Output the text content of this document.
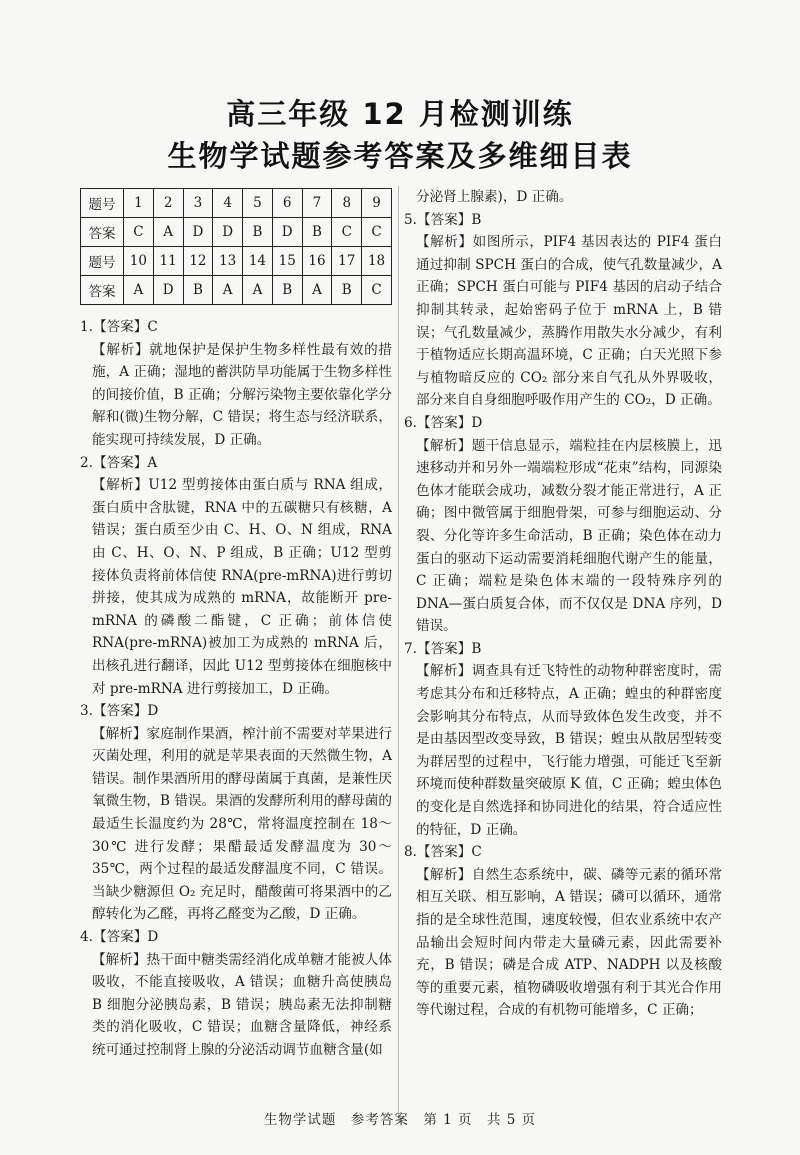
高三年级 12 月检测训练
生物学试题参考答案及多维细目表
题号	1	2	3	4	5	6	7	8	9
答案	C	A	D	D	B	D	B	C	C
题号	10	11	12	13	14	15	16	17	18
答案	A	D	B	A	A	B	A	B	C

1.【答案】C

【解析】就地保护是保护生物多样性最有效的措施，A 正确；湿地的蓄洪防旱功能属于生物多样性的间接价值，B 正确；分解污染物主要依靠化学分解和(微)生物分解，C 错误；将生态与经济联系，能实现可持续发展，D 正确。

2.【答案】A

【解析】U12 型剪接体由蛋白质与 RNA 组成，蛋白质中含肽键，RNA 中的五碳糖只有核糖，A 错误；蛋白质至少由 C、H、O、N 组成，RNA 由 C、H、O、N、P 组成，B 正确；U12 型剪接体负责将前体信使 RNA(pre-mRNA)进行剪切拼接，使其成为成熟的 mRNA，故能断开 pre-mRNA 的磷酸二酯键，C 正确；前体信使 RNA(pre-mRNA)被加工为成熟的 mRNA 后，出核孔进行翻译，因此 U12 型剪接体在细胞核中对 pre-mRNA 进行剪接加工，D 正确。

3.【答案】D

【解析】家庭制作果酒，榨汁前不需要对苹果进行灭菌处理，利用的就是苹果表面的天然微生物，A 错误。制作果酒所用的酵母菌属于真菌，是兼性厌氧微生物，B 错误。果酒的发酵所利用的酵母菌的最适生长温度约为 28℃，常将温度控制在 18～30℃ 进行发酵；果醋最适发酵温度为 30～35℃，两个过程的最适发酵温度不同，C 错误。当缺少糖源但 O₂ 充足时，醋酸菌可将果酒中的乙醇转化为乙醛，再将乙醛变为乙酸，D 正确。

4.【答案】D

【解析】热干面中糖类需经消化成单糖才能被人体吸收，不能直接吸收，A 错误；血糖升高使胰岛 B 细胞分泌胰岛素，B 错误；胰岛素无法抑制糖类的消化吸收，C 错误；血糖含量降低，神经系统可通过控制肾上腺的分泌活动调节血糖含量(如

分泌肾上腺素)，D 正确。

5.【答案】B

【解析】如图所示，PIF4 基因表达的 PIF4 蛋白通过抑制 SPCH 蛋白的合成，使气孔数量减少，A 正确；SPCH 蛋白可能与 PIF4 基因的启动子结合抑制其转录，起始密码子位于 mRNA 上，B 错误；气孔数量减少，蒸腾作用散失水分减少，有利于植物适应长期高温环境，C 正确；白天光照下参与植物暗反应的 CO₂ 部分来自气孔从外界吸收，部分来自自身细胞呼吸作用产生的 CO₂，D 正确。

6.【答案】D

【解析】题干信息显示，端粒挂在内层核膜上，迅速移动并和另外一端端粒形成“花束”结构，同源染色体才能联会成功，减数分裂才能正常进行，A 正确；图中微管属于细胞骨架，可参与细胞运动、分裂、分化等许多生命活动，B 正确；染色体在动力蛋白的驱动下运动需要消耗细胞代谢产生的能量，C 正确；端粒是染色体末端的一段特殊序列的 DNA—蛋白质复合体，而不仅仅是 DNA 序列，D 错误。

7.【答案】B

【解析】调查具有迁飞特性的动物种群密度时，需考虑其分布和迁移特点，A 正确；蝗虫的种群密度会影响其分布特点，从而导致体色发生改变，并不是由基因型改变导致，B 错误；蝗虫从散居型转变为群居型的过程中，飞行能力增强，可能迁飞至新环境而使种群数量突破原 K 值，C 正确；蝗虫体色的变化是自然选择和协同进化的结果，符合适应性的特征，D 正确。

8.【答案】C

【解析】自然生态系统中，碳、磷等元素的循环常相互关联、相互影响，A 错误；磷可以循环，通常指的是全球性范围，速度较慢，但农业系统中农产品输出会短时间内带走大量磷元素，因此需要补充，B 错误；磷是合成 ATP、NADPH 以及核酸等的重要元素，植物磷吸收增强有利于其光合作用等代谢过程，合成的有机物可能增多，C 正确；

生物学试题　参考答案　第 1 页　共 5 页
